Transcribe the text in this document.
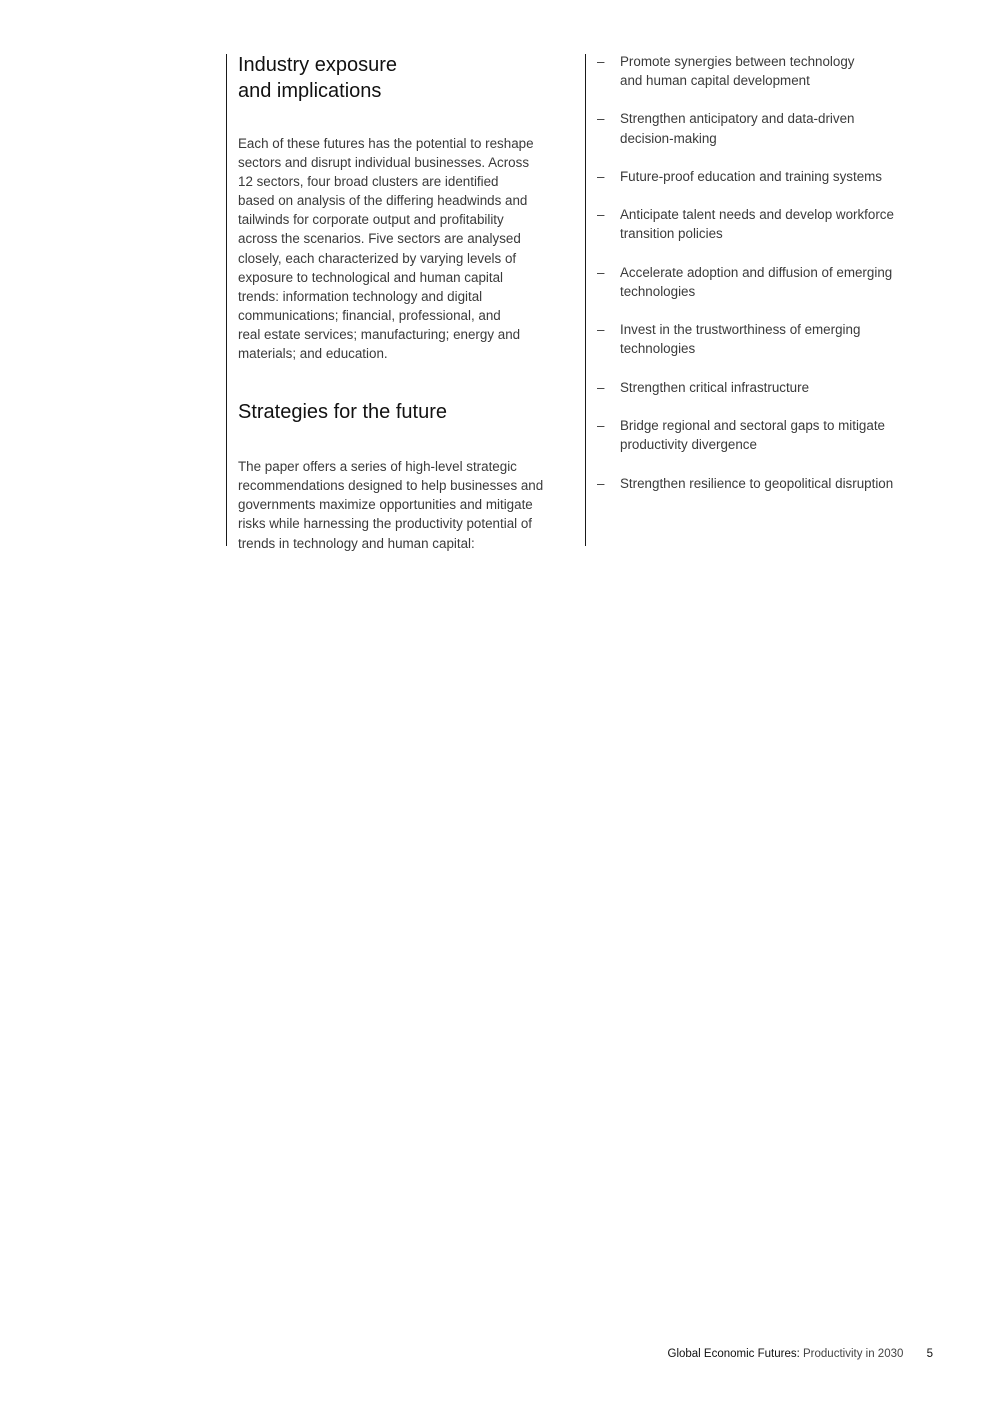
Industry exposure
and implications

Each of these futures has the potential to reshape
sectors and disrupt individual businesses. Across
12 sectors, four broad clusters are identified
based on analysis of the differing headwinds and
tailwinds for corporate output and profitability
across the scenarios. Five sectors are analysed
closely, each characterized by varying levels of
exposure to technological and human capital
trends: information technology and digital
communications; financial, professional, and
real estate services; manufacturing; energy and
materials; and education.

Strategies for the future

The paper offers a series of high-level strategic
recommendations designed to help businesses and
governments maximize opportunities and mitigate
risks while harnessing the productivity potential of
trends in technology and human capital:

– Promote synergies between technology
and human capital development
– Strengthen anticipatory and data-driven
decision-making
– Future-proof education and training systems
– Anticipate talent needs and develop workforce
transition policies
– Accelerate adoption and diffusion of emerging
technologies
– Invest in the trustworthiness of emerging
technologies
– Strengthen critical infrastructure
– Bridge regional and sectoral gaps to mitigate
productivity divergence
– Strengthen resilience to geopolitical disruption
Global Economic Futures: Productivity in 2030 5
